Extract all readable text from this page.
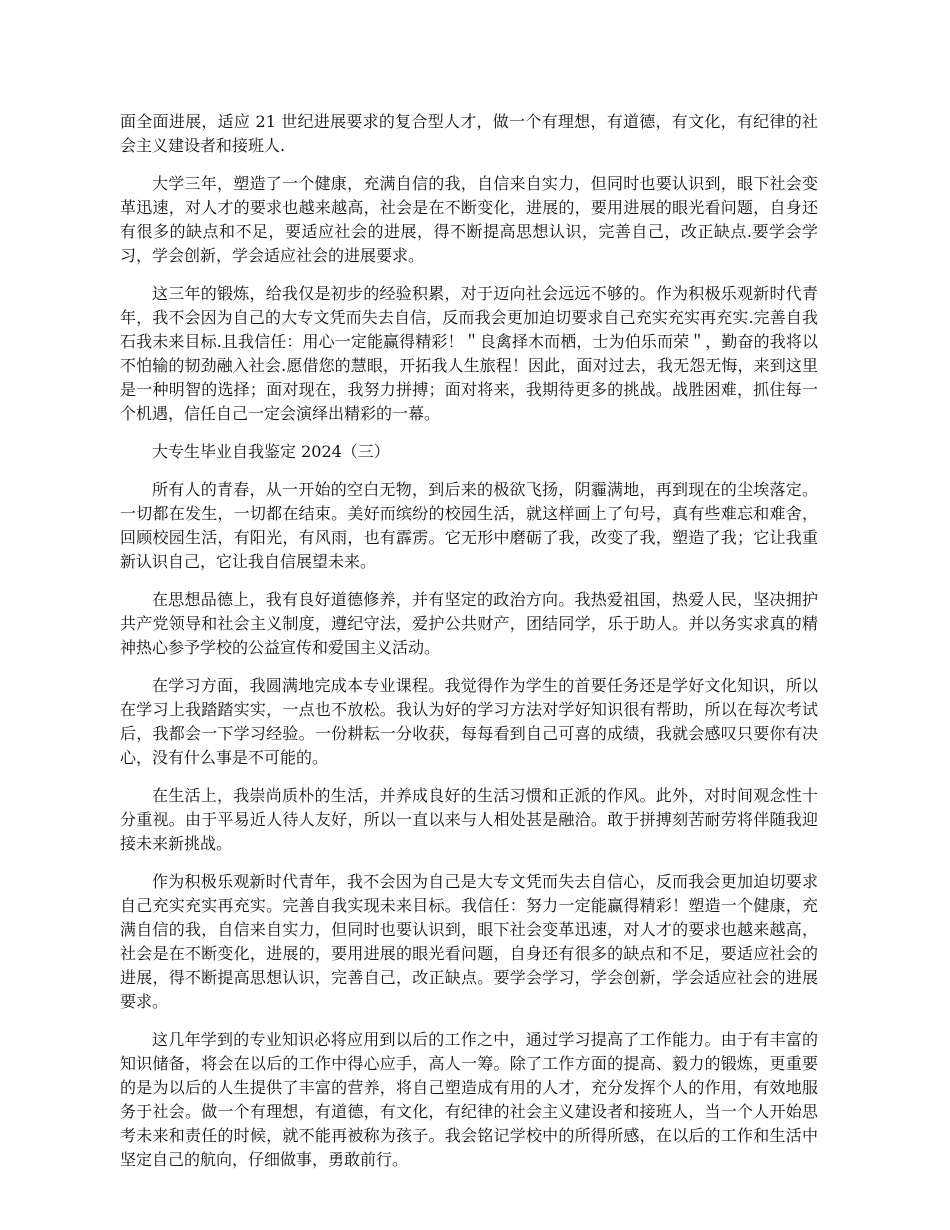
面全面进展，适应 21 世纪进展要求的复合型人才，做一个有理想，有道德，有文化，有纪律的社会主义建设者和接班人.

大学三年，塑造了一个健康，充满自信的我，自信来自实力，但同时也要认识到，眼下社会变革迅速，对人才的要求也越来越高，社会是在不断变化，进展的，要用进展的眼光看问题，自身还有很多的缺点和不足，要适应社会的进展，得不断提高思想认识，完善自己，改正缺点.要学会学习，学会创新，学会适应社会的进展要求。

这三年的锻炼，给我仅是初步的经验积累，对于迈向社会远远不够的。作为积极乐观新时代青年，我不会因为自己的大专文凭而失去自信，反而我会更加迫切要求自己充实充实再充实.完善自我石我未来目标.且我信任：用心一定能赢得精彩！＂良禽择木而栖，士为伯乐而荣＂，勤奋的我将以不怕输的韧劲融入社会.愿借您的慧眼，开拓我人生旅程！因此，面对过去，我无怨无悔，来到这里是一种明智的选择；面对现在，我努力拼搏；面对将来，我期待更多的挑战。战胜困难，抓住每一个机遇，信任自己一定会演绎出精彩的一幕。

大专生毕业自我鉴定 2024（三）

所有人的青春，从一开始的空白无物，到后来的极欲飞扬，阴霾满地，再到现在的尘埃落定。一切都在发生，一切都在结束。美好而缤纷的校园生活，就这样画上了句号，真有些难忘和难舍，回顾校园生活，有阳光，有风雨，也有霹雳。它无形中磨砺了我，改变了我，塑造了我；它让我重新认识自己，它让我自信展望未来。

在思想品德上，我有良好道德修养，并有坚定的政治方向。我热爱祖国，热爱人民，坚决拥护共产党领导和社会主义制度，遵纪守法，爱护公共财产，团结同学，乐于助人。并以务实求真的精神热心参予学校的公益宣传和爱国主义活动。

在学习方面，我圆满地完成本专业课程。我觉得作为学生的首要任务还是学好文化知识，所以在学习上我踏踏实实，一点也不放松。我认为好的学习方法对学好知识很有帮助，所以在每次考试后，我都会一下学习经验。一份耕耘一分收获，每每看到自己可喜的成绩，我就会感叹只要你有决心，没有什么事是不可能的。

在生活上，我崇尚质朴的生活，并养成良好的生活习惯和正派的作风。此外，对时间观念性十分重视。由于平易近人待人友好，所以一直以来与人相处甚是融洽。敢于拼搏刻苦耐劳将伴随我迎接未来新挑战。

作为积极乐观新时代青年，我不会因为自己是大专文凭而失去自信心，反而我会更加迫切要求自己充实充实再充实。完善自我实现未来目标。我信任：努力一定能赢得精彩！塑造一个健康，充满自信的我，自信来自实力，但同时也要认识到，眼下社会变革迅速，对人才的要求也越来越高，社会是在不断变化，进展的，要用进展的眼光看问题，自身还有很多的缺点和不足，要适应社会的进展，得不断提高思想认识，完善自己，改正缺点。要学会学习，学会创新，学会适应社会的进展要求。

这几年学到的专业知识必将应用到以后的工作之中，通过学习提高了工作能力。由于有丰富的知识储备，将会在以后的工作中得心应手，高人一筹。除了工作方面的提高、毅力的锻炼，更重要的是为以后的人生提供了丰富的营养，将自己塑造成有用的人才，充分发挥个人的作用，有效地服务于社会。做一个有理想，有道德，有文化，有纪律的社会主义建设者和接班人，当一个人开始思考未来和责任的时候，就不能再被称为孩子。我会铭记学校中的所得所感，在以后的工作和生活中坚定自己的航向，仔细做事，勇敢前行。
